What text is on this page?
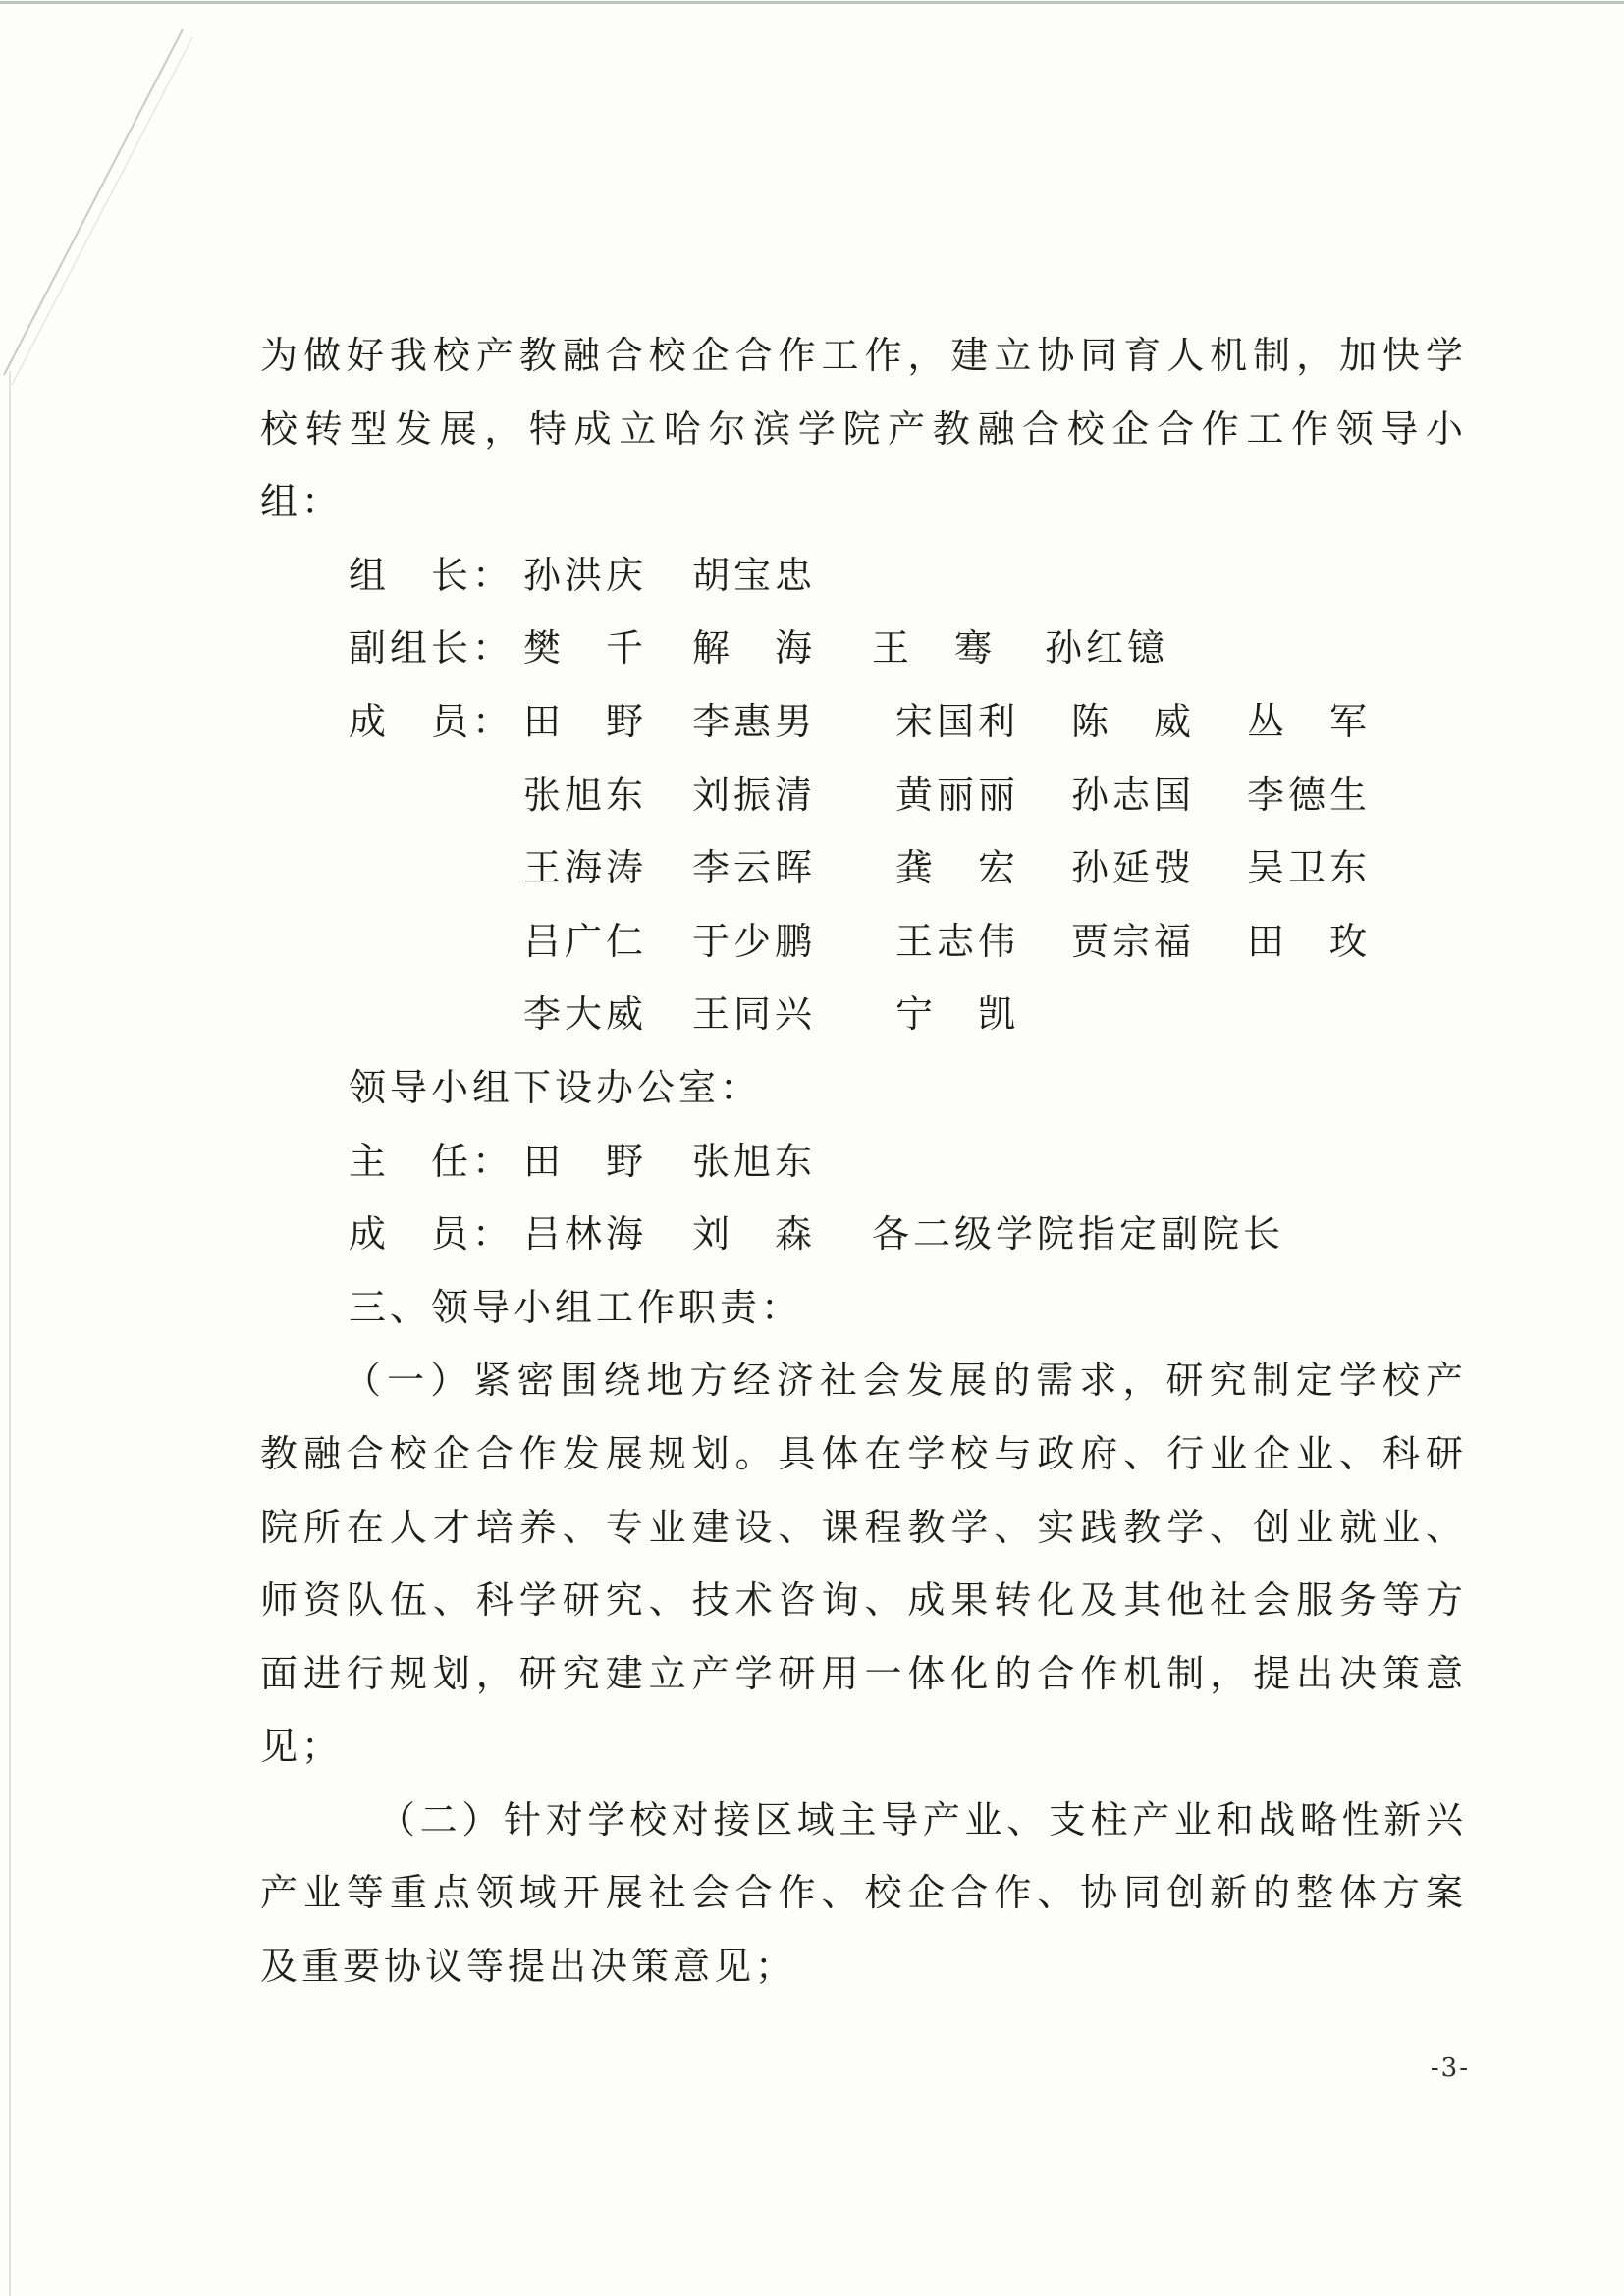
为做好我校产教融合校企合作工作，建立协同育人机制，加快学
校转型发展，特成立哈尔滨学院产教融合校企合作工作领导小
组：
组　长： 孙洪庆 胡宝忠
副组长： 樊　千 解　海 王　骞 孙红镱
成　员： 田　野 李惠男 宋国利 陈　威 丛　军
张旭东 刘振清 黄丽丽 孙志国 李德生
王海涛 李云晖 龚　宏 孙延弢 吴卫东
吕广仁 于少鹏 王志伟 贾宗福 田　玫
李大威 王同兴 宁　凯
领导小组下设办公室：
主　任： 田　野 张旭东
成　员： 吕林海 刘　森 各二级学院指定副院长
三、领导小组工作职责：
（一）紧密围绕地方经济社会发展的需求，研究制定学校产
教融合校企合作发展规划。具体在学校与政府、行业企业、科研
院所在人才培养、专业建设、课程教学、实践教学、创业就业、
师资队伍、科学研究、技术咨询、成果转化及其他社会服务等方
面进行规划，研究建立产学研用一体化的合作机制，提出决策意
见；
（二）针对学校对接区域主导产业、支柱产业和战略性新兴
产业等重点领域开展社会合作、校企合作、协同创新的整体方案
及重要协议等提出决策意见；
-3-
